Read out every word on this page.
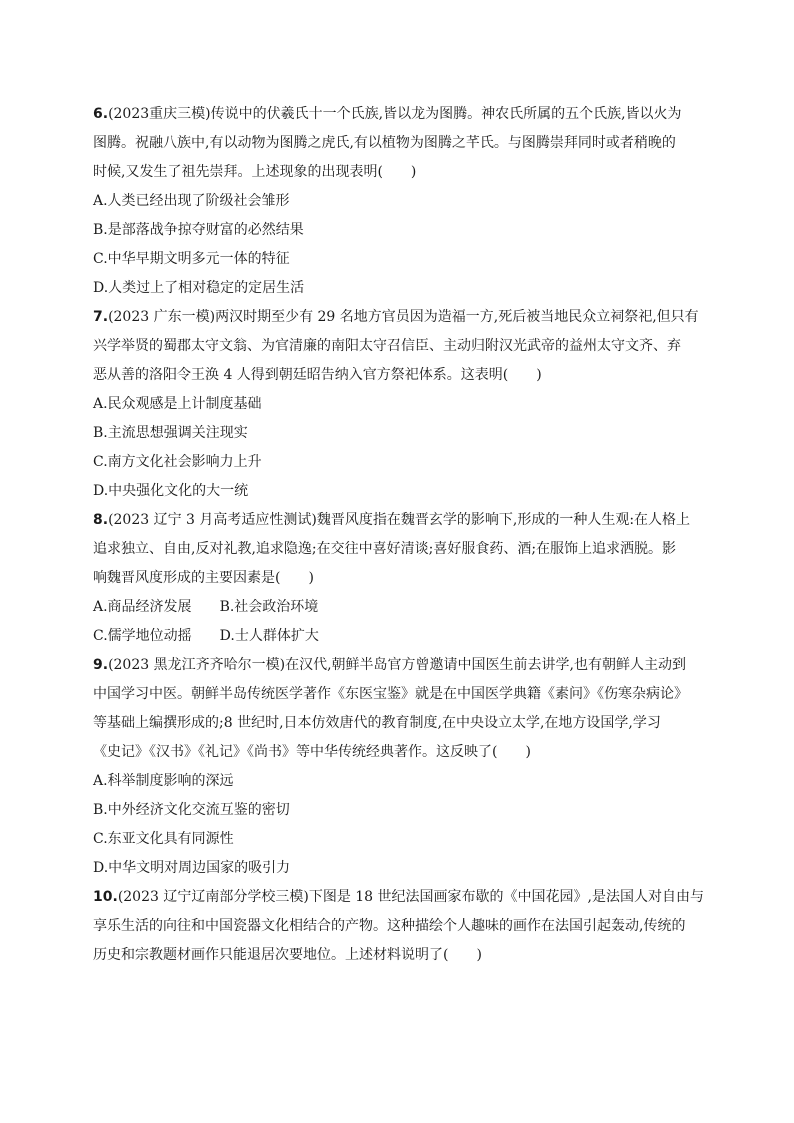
6.(2023重庆三模)传说中的伏羲氏十一个氏族,皆以龙为图腾。神农氏所属的五个氏族,皆以火为
图腾。祝融八族中,有以动物为图腾之虎氏,有以植物为图腾之芊氏。与图腾崇拜同时或者稍晚的
时候,又发生了祖先崇拜。上述现象的出现表明(　　)
A.人类已经出现了阶级社会雏形
B.是部落战争掠夺财富的必然结果
C.中华早期文明多元一体的特征
D.人类过上了相对稳定的定居生活
7.(2023 广东一模)两汉时期至少有 29 名地方官员因为造福一方,死后被当地民众立祠祭祀,但只有
兴学举贤的蜀郡太守文翁、为官清廉的南阳太守召信臣、主动归附汉光武帝的益州太守文齐、弃
恶从善的洛阳令王涣 4 人得到朝廷昭告纳入官方祭祀体系。这表明(　　)
A.民众观感是上计制度基础
B.主流思想强调关注现实
C.南方文化社会影响力上升
D.中央强化文化的大一统
8.(2023 辽宁 3 月高考适应性测试)魏晋风度指在魏晋玄学的影响下,形成的一种人生观:在人格上
追求独立、自由,反对礼教,追求隐逸;在交往中喜好清谈;喜好服食药、酒;在服饰上追求洒脱。影
响魏晋风度形成的主要因素是(　　)
A.商品经济发展 B.社会政治环境
C.儒学地位动摇 D.士人群体扩大
9.(2023 黑龙江齐齐哈尔一模)在汉代,朝鲜半岛官方曾邀请中国医生前去讲学,也有朝鲜人主动到
中国学习中医。朝鲜半岛传统医学著作《东医宝鉴》就是在中国医学典籍《素问》《伤寒杂病论》
等基础上编撰形成的;8 世纪时,日本仿效唐代的教育制度,在中央设立太学,在地方设国学,学习
《史记》《汉书》《礼记》《尚书》等中华传统经典著作。这反映了(　　)
A.科举制度影响的深远
B.中外经济文化交流互鉴的密切
C.东亚文化具有同源性
D.中华文明对周边国家的吸引力
10.(2023 辽宁辽南部分学校三模)下图是 18 世纪法国画家布歇的《中国花园》,是法国人对自由与
享乐生活的向往和中国瓷器文化相结合的产物。这种描绘个人趣味的画作在法国引起轰动,传统的
历史和宗教题材画作只能退居次要地位。上述材料说明了(　　)
